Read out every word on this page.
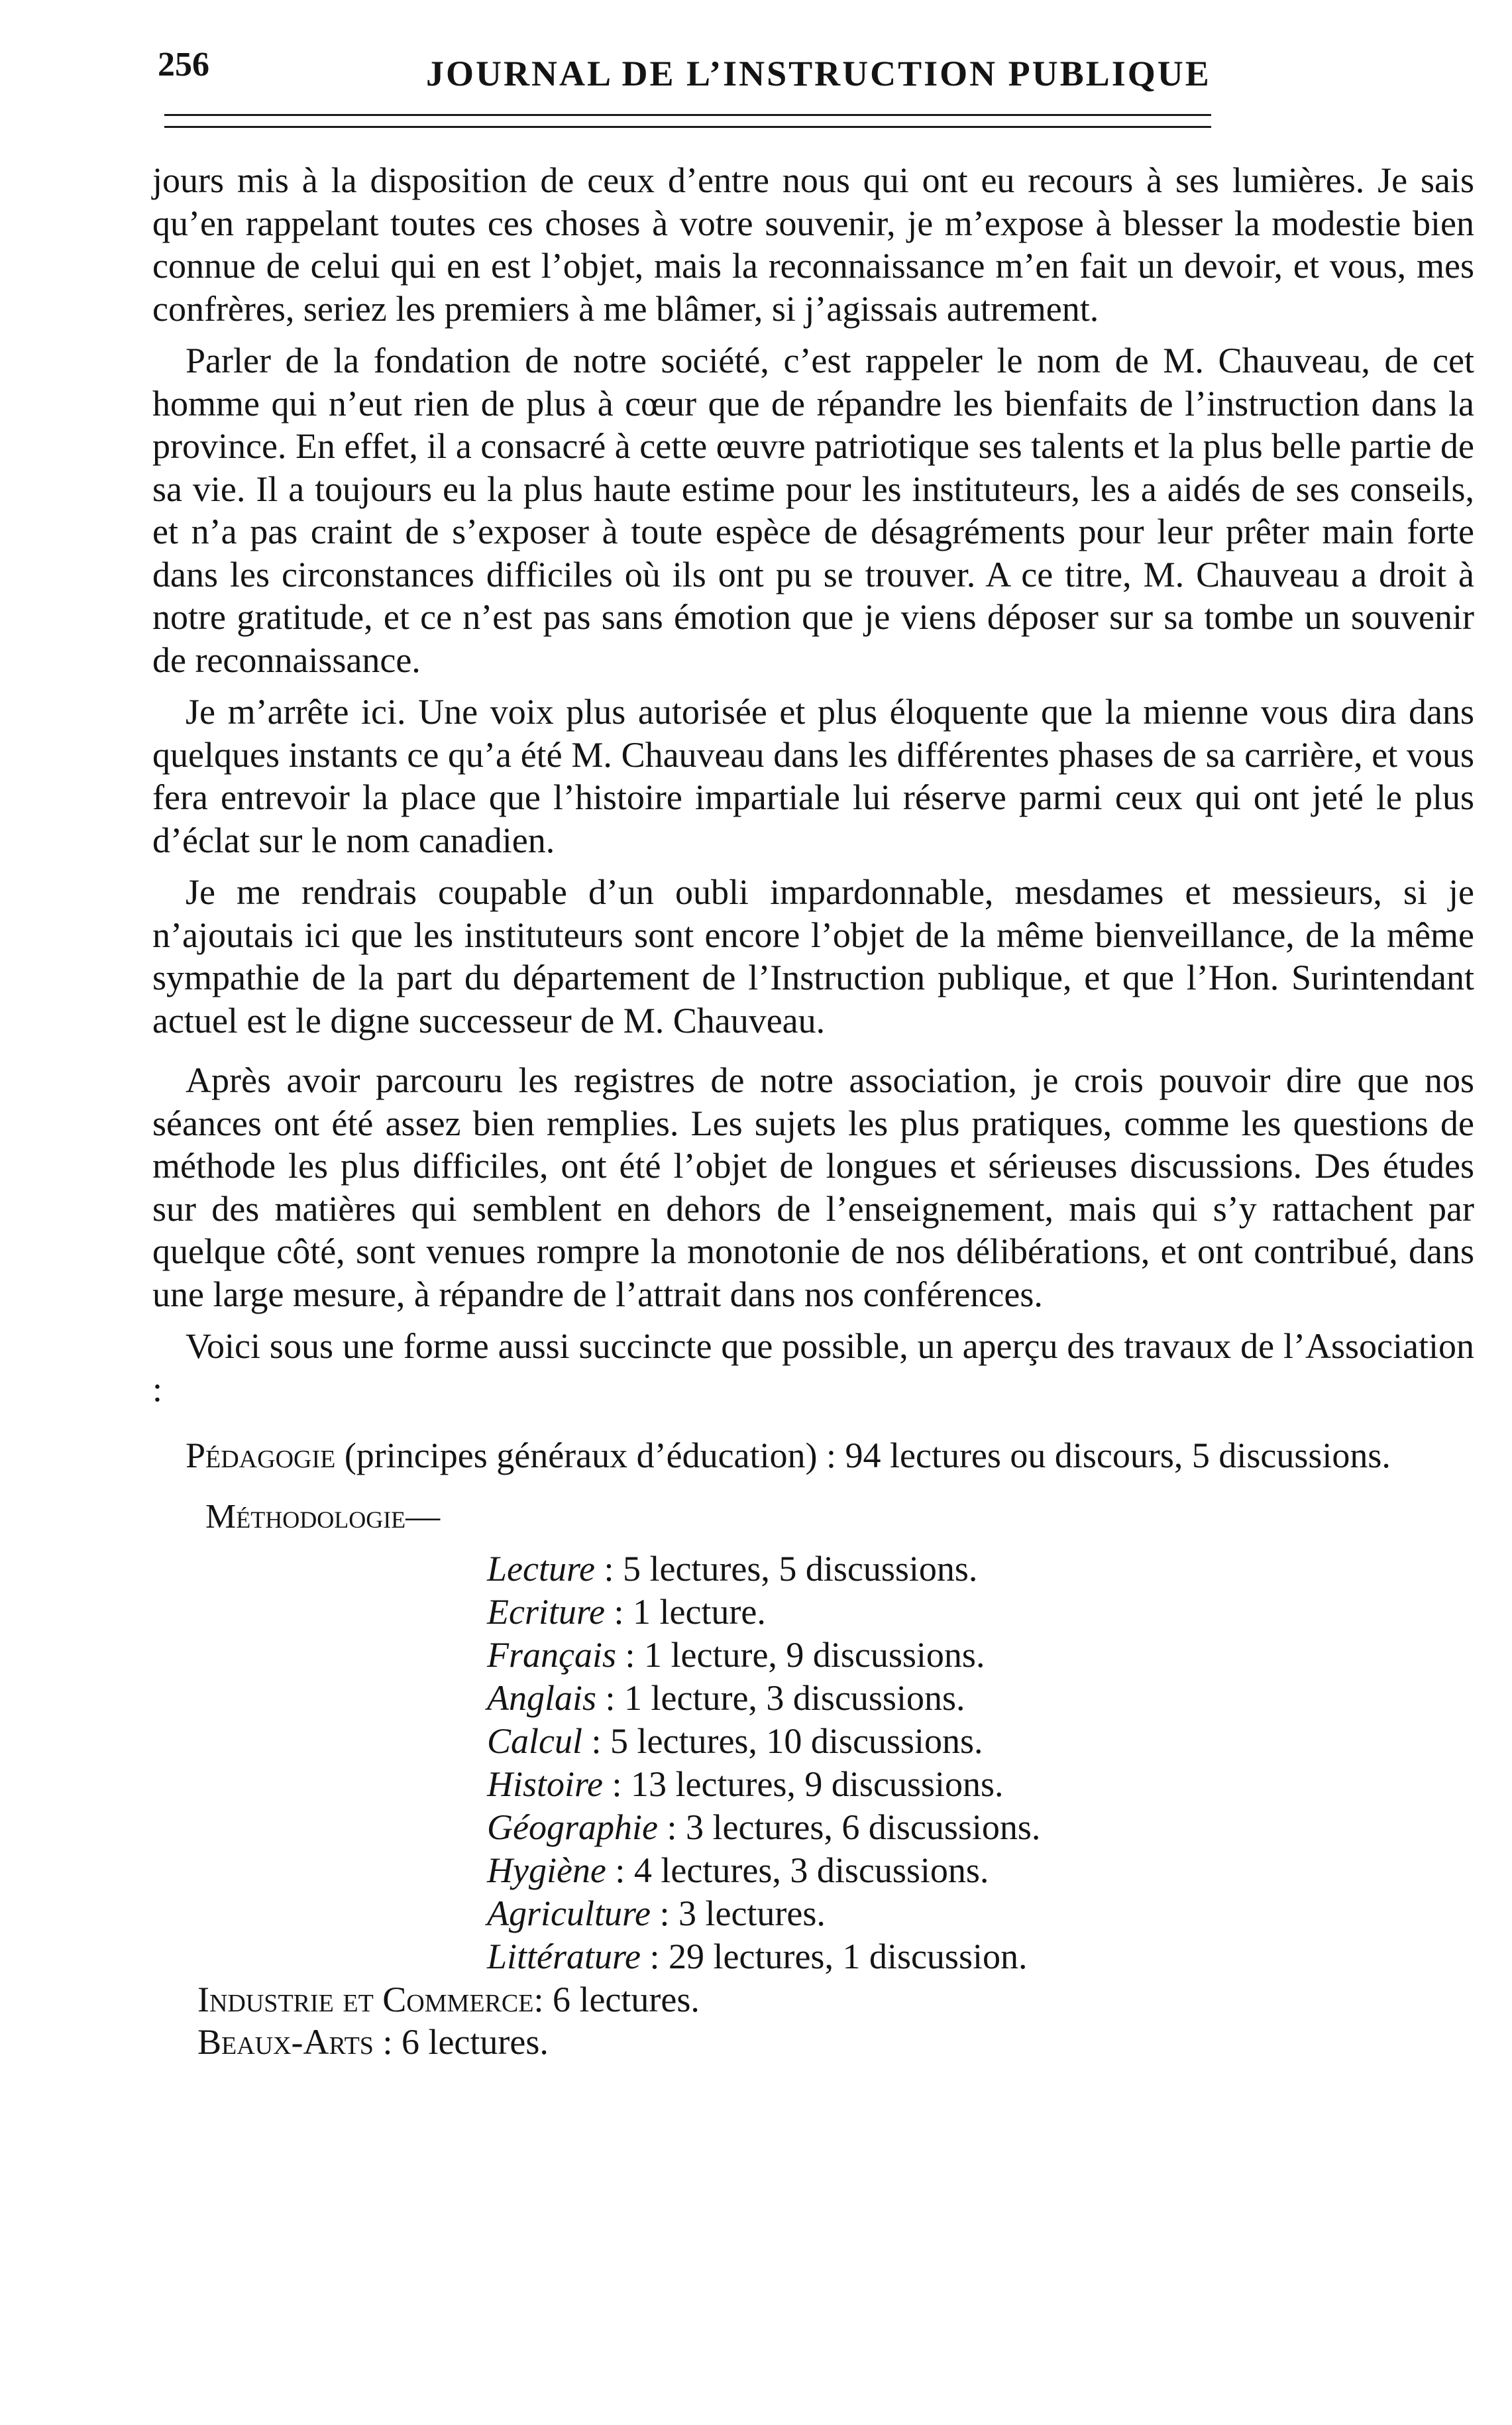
256	JOURNAL DE L’INSTRUCTION PUBLIQUE

jours mis à la disposition de ceux d’entre nous qui ont eu recours à ses lumières. Je sais qu’en rappelant toutes ces choses à votre souvenir, je m’expose à blesser la modestie bien connue de celui qui en est l’objet, mais la reconnaissance m’en fait un devoir, et vous, mes confrères, seriez les premiers à me blâmer, si j’agissais autrement.

Parler de la fondation de notre société, c’est rappeler le nom de M. Chauveau, de cet homme qui n’eut rien de plus à cœur que de répandre les bienfaits de l’instruction dans la province. En effet, il a consacré à cette œuvre patriotique ses talents et la plus belle partie de sa vie. Il a toujours eu la plus haute estime pour les instituteurs, les a aidés de ses conseils, et n’a pas craint de s’exposer à toute espèce de désagréments pour leur prêter main forte dans les circonstances difficiles où ils ont pu se trouver. A ce titre, M. Chauveau a droit à notre gratitude, et ce n’est pas sans émotion que je viens déposer sur sa tombe un souvenir de reconnaissance.

Je m’arrête ici. Une voix plus autorisée et plus éloquente que la mienne vous dira dans quelques instants ce qu’a été M. Chauveau dans les différentes phases de sa carrière, et vous fera entrevoir la place que l’histoire impartiale lui réserve parmi ceux qui ont jeté le plus d’éclat sur le nom canadien.

Je me rendrais coupable d’un oubli impardonnable, mesdames et messieurs, si je n’ajoutais ici que les instituteurs sont encore l’objet de la même bienveillance, de la même sympathie de la part du département de l’Instruction publique, et que l’Hon. Surintendant actuel est le digne successeur de M. Chauveau.

Après avoir parcouru les registres de notre association, je crois pouvoir dire que nos séances ont été assez bien remplies. Les sujets les plus pratiques, comme les questions de méthode les plus difficiles, ont été l’objet de longues et sérieuses discussions. Des études sur des matières qui semblent en dehors de l’enseignement, mais qui s’y rattachent par quelque côté, sont venues rompre la monotonie de nos délibérations, et ont contribué, dans une large mesure, à répandre de l’attrait dans nos conférences.

Voici sous une forme aussi succincte que possible, un aperçu des travaux de l’Association :

Pédagogie (principes généraux d’éducation) : 94 lectures ou discours, 5 discussions.

Méthodologie—
Lecture : 5 lectures, 5 discussions.
Ecriture : 1 lecture.
Français : 1 lecture, 9 discussions.
Anglais : 1 lecture, 3 discussions.
Calcul : 5 lectures, 10 discussions.
Histoire : 13 lectures, 9 discussions.
Géographie : 3 lectures, 6 discussions.
Hygiène : 4 lectures, 3 discussions.
Agriculture : 3 lectures.
Littérature : 29 lectures, 1 discussion.
Industrie et Commerce: 6 lectures.
Beaux-Arts : 6 lectures.
